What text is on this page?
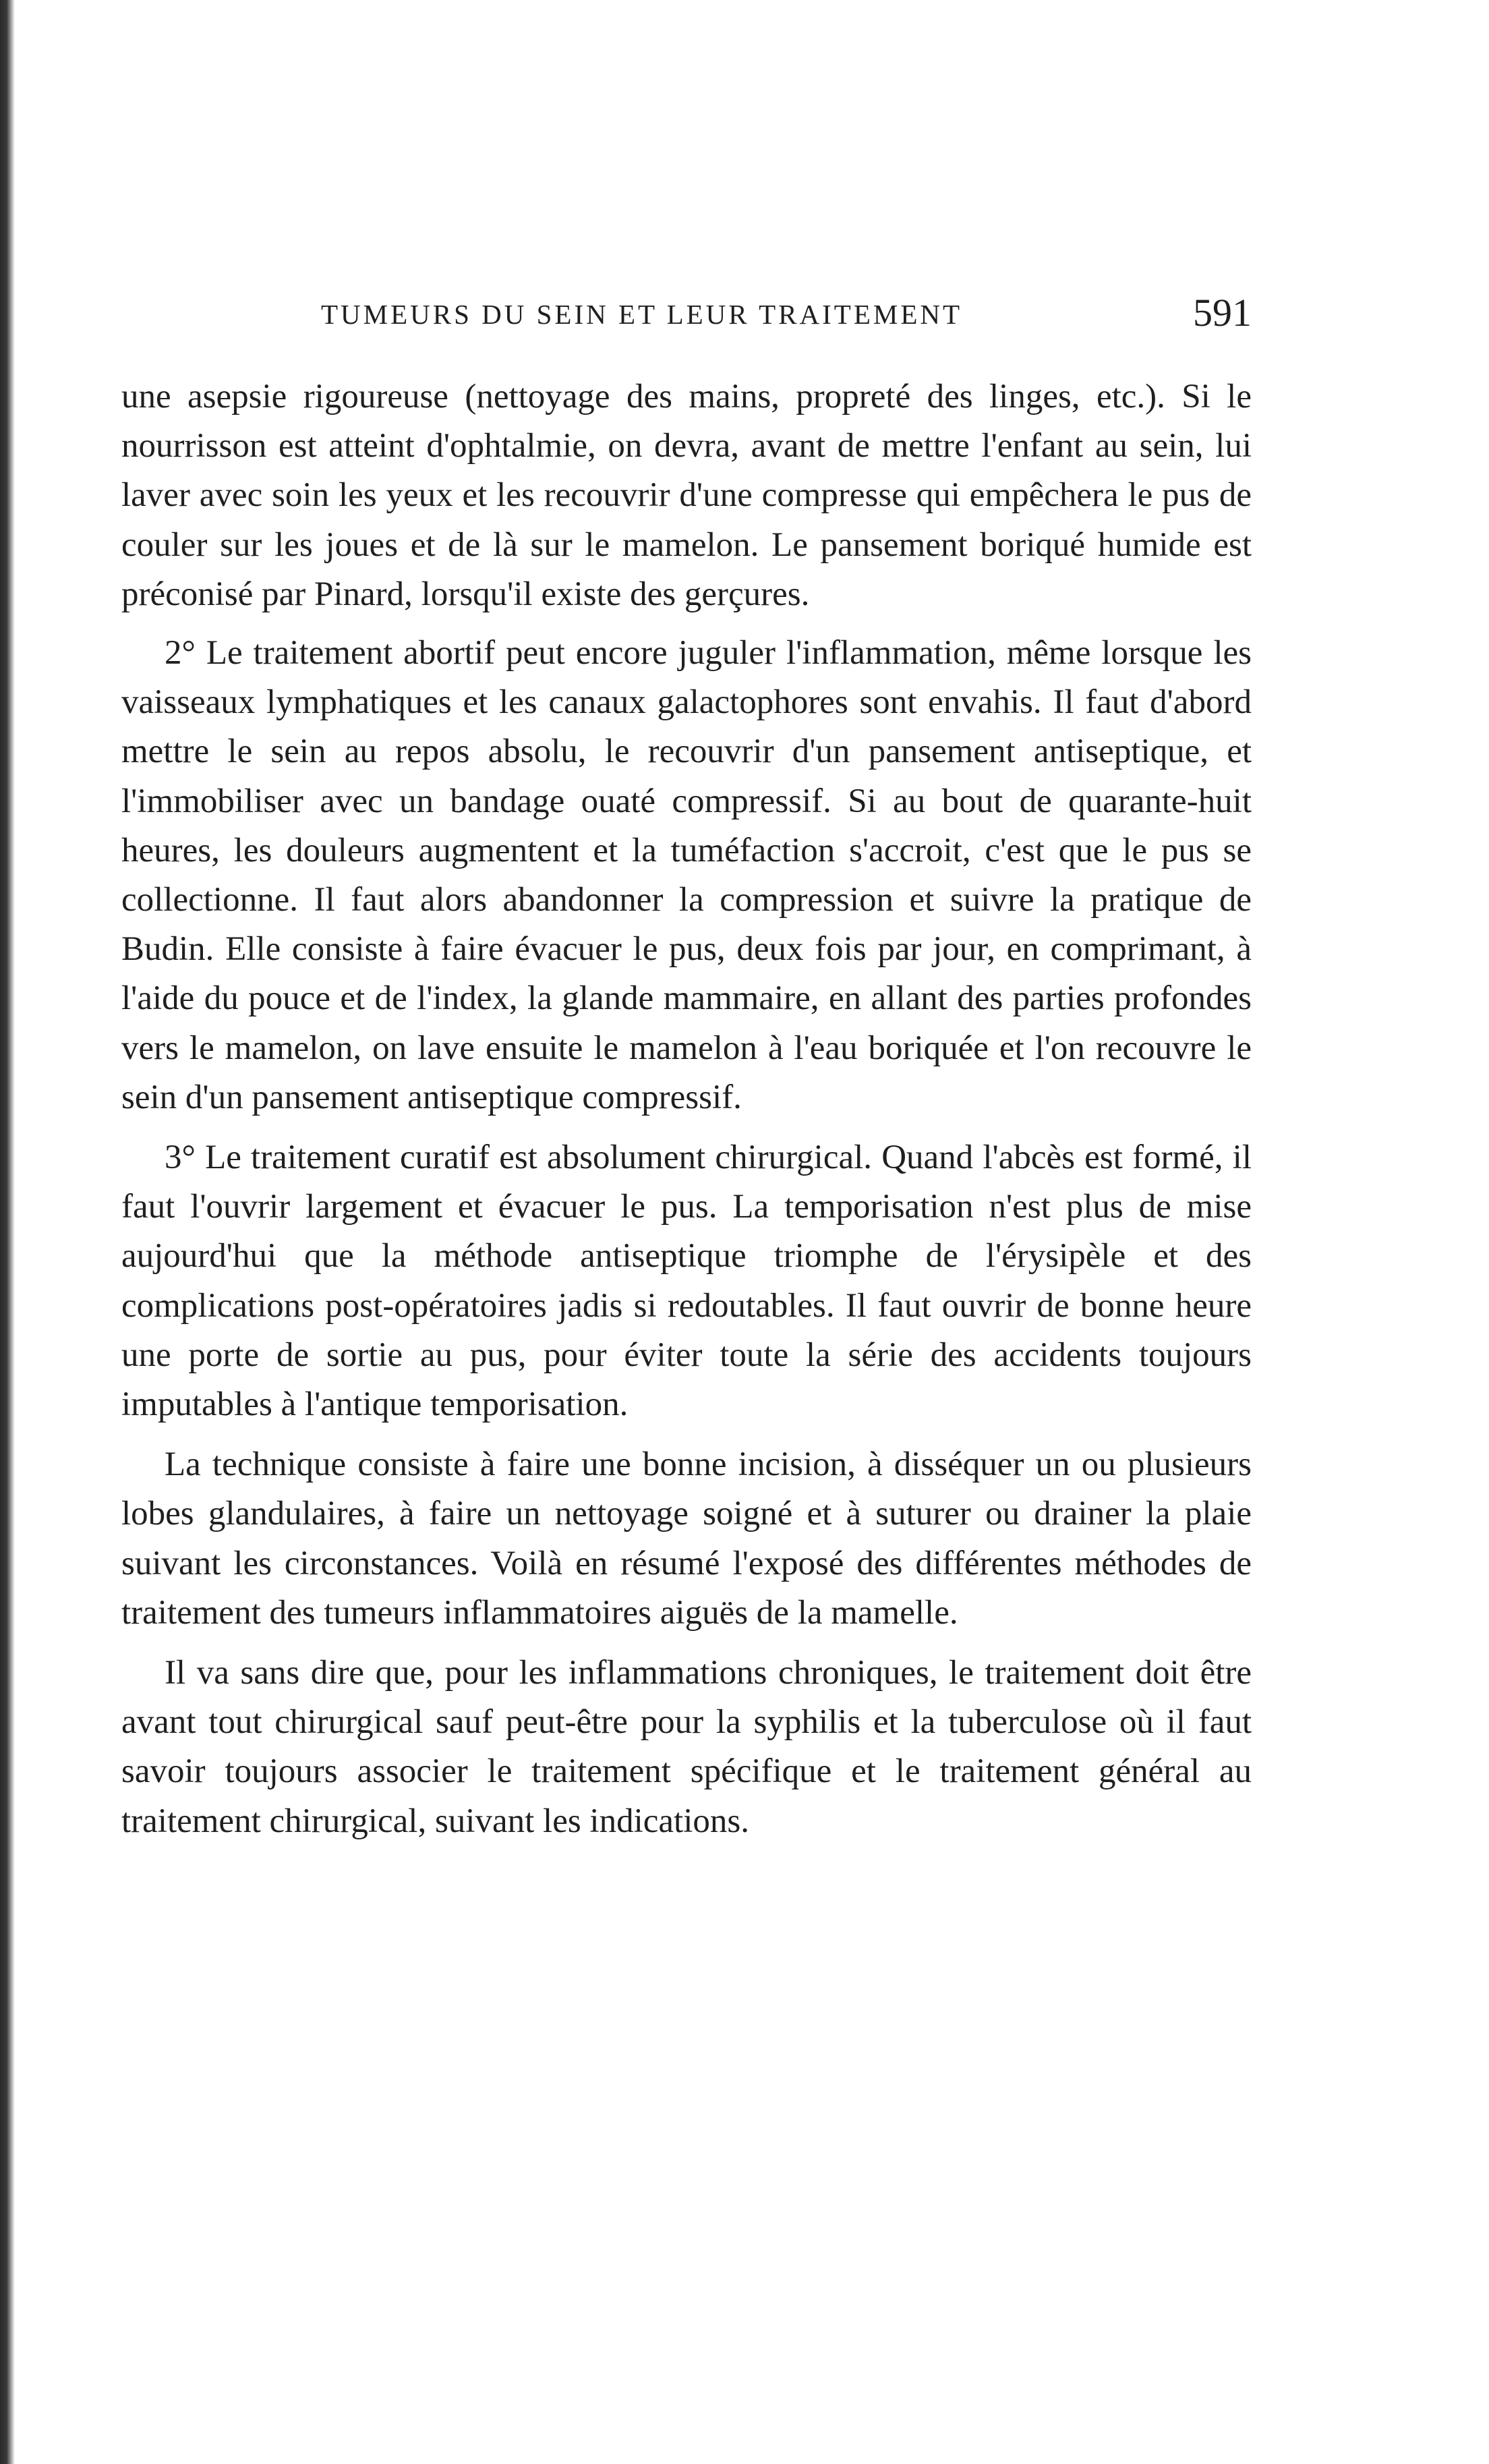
TUMEURS DU SEIN ET LEUR TRAITEMENT	591

une asepsie rigoureuse (nettoyage des mains, propreté des linges, etc.). Si le nourrisson est atteint d'ophtalmie, on devra, avant de mettre l'enfant au sein, lui laver avec soin les yeux et les recouvrir d'une compresse qui empêchera le pus de couler sur les joues et de là sur le mamelon. Le pansement boriqué humide est préconisé par Pinard, lorsqu'il existe des gerçures.

2° Le traitement abortif peut encore juguler l'inflammation, même lorsque les vaisseaux lymphatiques et les canaux galactophores sont envahis. Il faut d'abord mettre le sein au repos absolu, le recouvrir d'un pansement antiseptique, et l'immobiliser avec un bandage ouaté compressif. Si au bout de quarante-huit heures, les douleurs augmentent et la tuméfaction s'accroit, c'est que le pus se collectionne. Il faut alors abandonner la compression et suivre la pratique de Budin. Elle consiste à faire évacuer le pus, deux fois par jour, en comprimant, à l'aide du pouce et de l'index, la glande mammaire, en allant des parties profondes vers le mamelon, on lave ensuite le mamelon à l'eau boriquée et l'on recouvre le sein d'un pansement antiseptique compressif.

3° Le traitement curatif est absolument chirurgical. Quand l'abcès est formé, il faut l'ouvrir largement et évacuer le pus. La temporisation n'est plus de mise aujourd'hui que la méthode antiseptique triomphe de l'érysipèle et des complications post-opératoires jadis si redoutables. Il faut ouvrir de bonne heure une porte de sortie au pus, pour éviter toute la série des accidents toujours imputables à l'antique temporisation.

La technique consiste à faire une bonne incision, à disséquer un ou plusieurs lobes glandulaires, à faire un nettoyage soigné et à suturer ou drainer la plaie suivant les circonstances. Voilà en résumé l'exposé des différentes méthodes de traitement des tumeurs inflammatoires aiguës de la mamelle.

Il va sans dire que, pour les inflammations chroniques, le traitement doit être avant tout chirurgical sauf peut-être pour la syphilis et la tuberculose où il faut savoir toujours associer le traitement spécifique et le traitement général au traitement chirurgical, suivant les indications.
